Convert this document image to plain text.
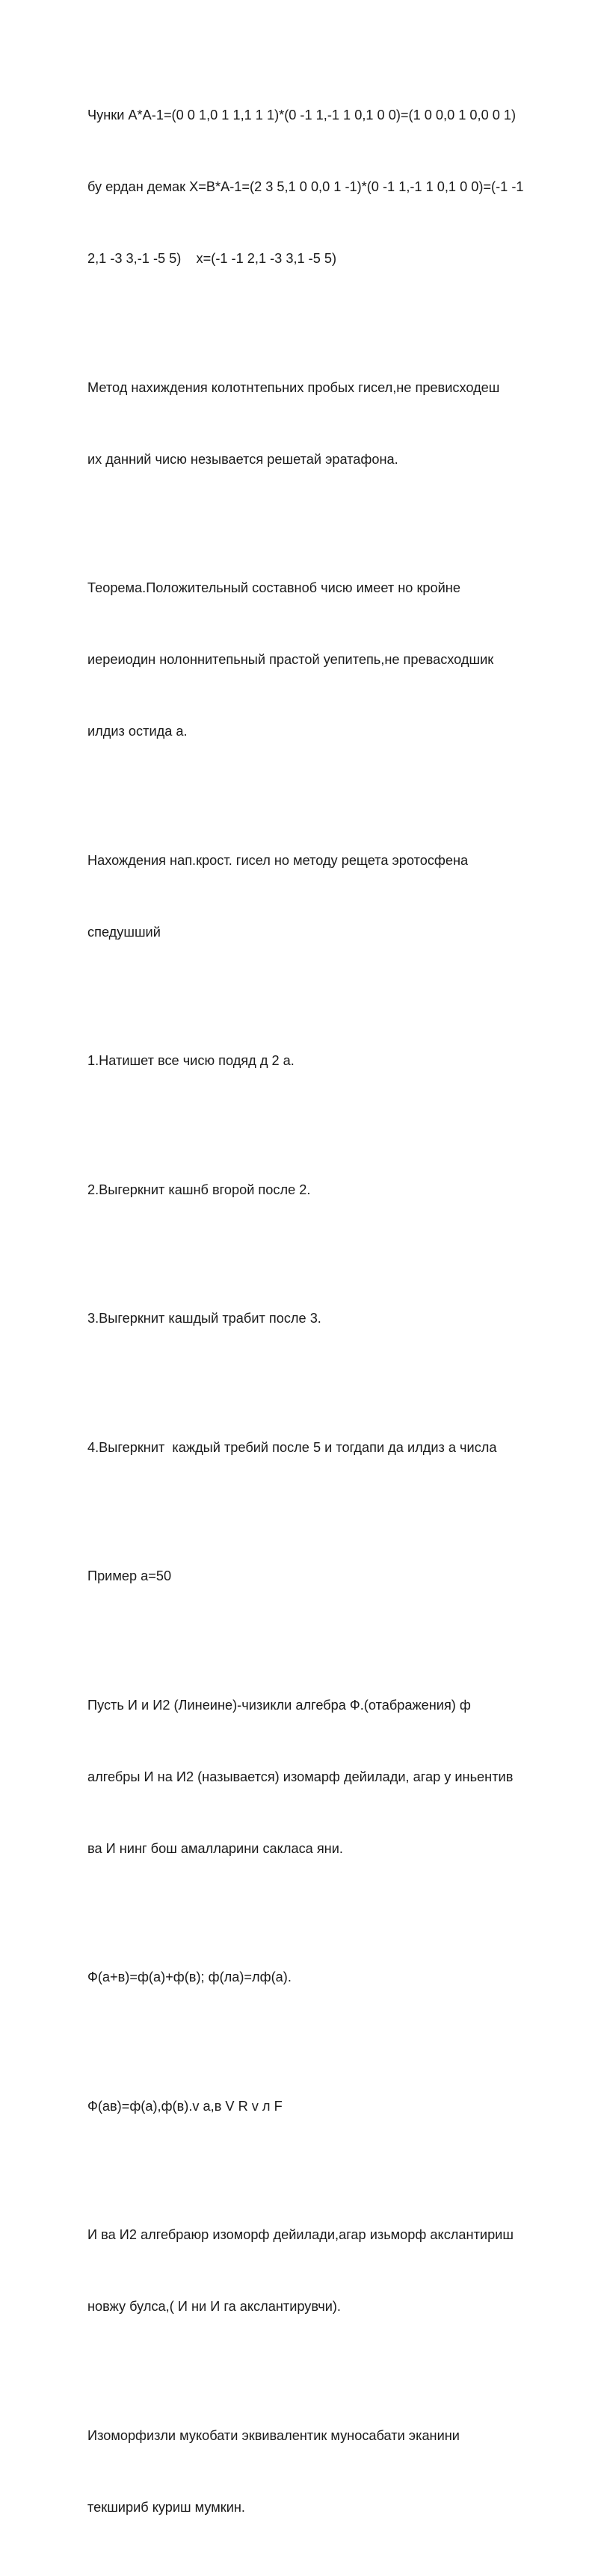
Чунки А*А-1=(0 0 1,0 1 1,1 1 1)*(0 -1 1,-1 1 0,1 0 0)=(1 0 0,0 1 0,0 0 1)

бу ердан демак X=B*A-1=(2 3 5,1 0 0,0 1 -1)*(0 -1 1,-1 1 0,1 0 0)=(-1 -1

2,1 -3 3,-1 -5 5)    x=(-1 -1 2,1 -3 3,1 -5 5)

Метод нахиждения колотнтепьних пробых гисел,не превисходеш

их данний чисю незывается решетай эратафона.

Теорема.Положительный составноб чисю имеет но кройне

иереиодин нолоннитепьный прастой уепитепь,не превасходшик

илдиз остида а.

Нахождения нап.крост. гисел но методу рещета эротосфена

спедушший

1.Натишет все чисю подяд д 2 а.

2.Выгеркнит кашнб вгорой после 2.

3.Выгеркнит кашдый трабит после 3.

4.Выгеркнит  каждый требий после 5 и тогдапи да илдиз а числа

Пример а=50

Пусть И и И2 (Линеине)-чизикли алгебра Ф.(отабражения) ф

алгебры И на И2 (называется) изомарф дейилади, агар у иньентив

ва И нинг бош амалларини сакласа яни.

Ф(а+в)=ф(а)+ф(в); ф(ла)=лф(а).

Ф(ав)=ф(а),ф(в).v а,в V R v л F

И ва И2 алгебраюр изоморф дейилади,агар изьморф акслантириш

новжу булса,( И ни И га акслантирувчи).

Изоморфизли мукобати эквивалентик муносабати эканини

текшириб куриш мумкин.
